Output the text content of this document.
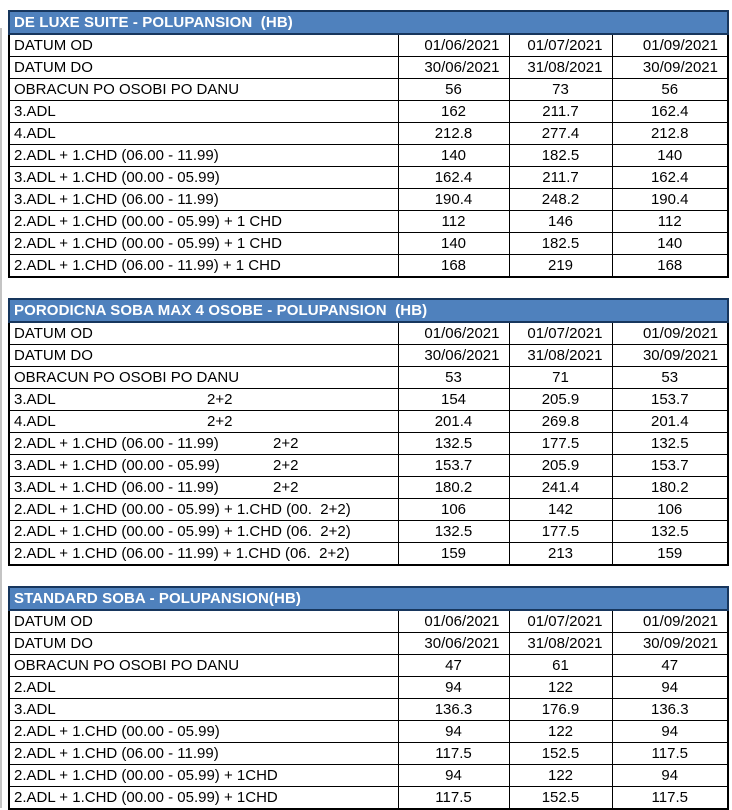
DE LUXE SUITE - POLUPANSION  (HB)			
DATUM OD	01/06/2021	01/07/2021	01/09/2021
DATUM DO	30/06/2021	31/08/2021	30/09/2021
OBRACUN PO OSOBI PO DANU	56	73	56
3.ADL	162	211.7	162.4
4.ADL	212.8	277.4	212.8
2.ADL + 1.CHD (06.00 - 11.99)	140	182.5	140
3.ADL + 1.CHD (00.00 - 05.99)	162.4	211.7	162.4
3.ADL + 1.CHD (06.00 - 11.99)	190.4	248.2	190.4
2.ADL + 1.CHD (00.00 - 05.99) + 1 CHD	112	146	112
2.ADL + 1.CHD (00.00 - 05.99) + 1 CHD	140	182.5	140
2.ADL + 1.CHD (06.00 - 11.99) + 1 CHD	168	219	168
PORODICNA SOBA MAX 4 OSOBE - POLUPANSION  (HB)			
DATUM OD	01/06/2021	01/07/2021	01/09/2021
DATUM DO	30/06/2021	31/08/2021	30/09/2021
OBRACUN PO OSOBI PO DANU	53	71	53
3.ADL 2+2	154	205.9	153.7
4.ADL 2+2	201.4	269.8	201.4
2.ADL + 1.CHD (06.00 - 11.99) 2+2	132.5	177.5	132.5
3.ADL + 1.CHD (00.00 - 05.99) 2+2	153.7	205.9	153.7
3.ADL + 1.CHD (06.00 - 11.99) 2+2	180.2	241.4	180.2
2.ADL + 1.CHD (00.00 - 05.99) + 1.CHD (00.  2+2)	106	142	106
2.ADL + 1.CHD (00.00 - 05.99) + 1.CHD (06.  2+2)	132.5	177.5	132.5
2.ADL + 1.CHD (06.00 - 11.99) + 1.CHD (06.  2+2)	159	213	159
STANDARD SOBA - POLUPANSION(HB)			
DATUM OD	01/06/2021	01/07/2021	01/09/2021
DATUM DO	30/06/2021	31/08/2021	30/09/2021
OBRACUN PO OSOBI PO DANU	47	61	47
2.ADL	94	122	94
3.ADL	136.3	176.9	136.3
2.ADL + 1.CHD (00.00 - 05.99)	94	122	94
2.ADL + 1.CHD (06.00 - 11.99)	117.5	152.5	117.5
2.ADL + 1.CHD (00.00 - 05.99) + 1CHD	94	122	94
2.ADL + 1.CHD (00.00 - 05.99) + 1CHD	117.5	152.5	117.5
